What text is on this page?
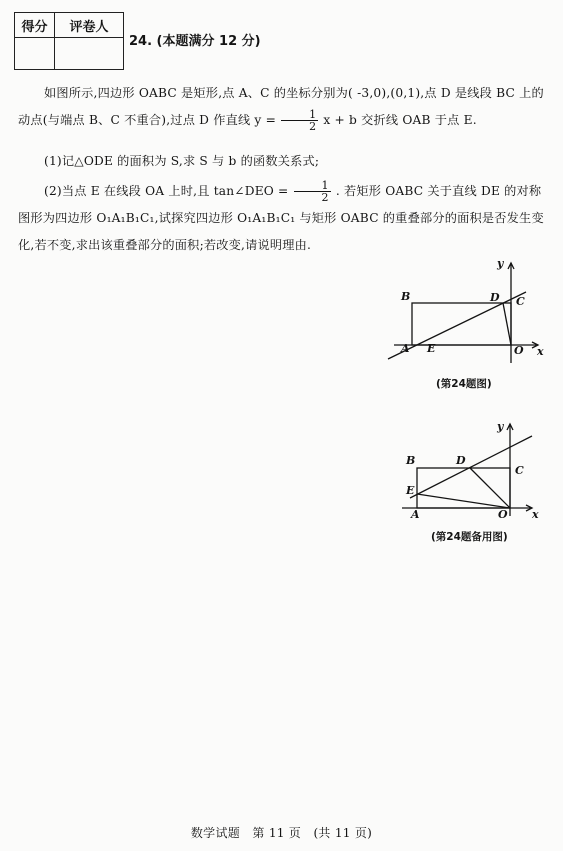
得分	评卷人
24. (本题满分 12 分)
如图所示,四边形 OABC 是矩形,点 A、C 的坐标分别为( -3,0),(0,1),点 D 是线段 BC 上的动点(与端点 B、C 不重合),过点 D 作直线 $y = \frac{1}{2}$ x + b 交折线 OAB 于点 E.
(1)记△ODE 的面积为 S,求 S 与 b 的函数关系式;
(2)当点 E 在线段 OA 上时,且 tan∠DEO = $\frac{1}{2}$ . 若矩形 OABC 关于直线 DE 的对称图形为四边形 O₁A₁B₁C₁,试探究四边形 O₁A₁B₁C₁ 与矩形 OABC 的重叠部分的面积是否发生变化,若不变,求出该重叠部分的面积;若改变,请说明理由.
B	D C
A E	O x
y
(第24题图)
B	D
C
E
A	O x
y
(第24题备用图)
数学试题 第 11 页 (共 11 页)
